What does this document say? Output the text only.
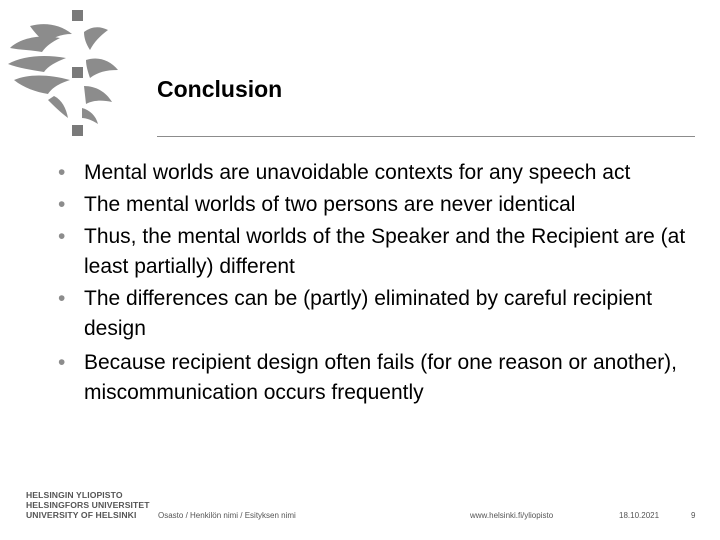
Conclusion
• Mental worlds are unavoidable contexts for any speech act
• The mental worlds of two persons are never identical
• Thus, the mental worlds of the Speaker and the Recipient are (at least partially) different
• The differences can be (partly) eliminated by careful recipient design
• Because recipient design often fails (for one reason or another), miscommunication occurs frequently
HELSINGIN YLIOPISTO
HELSINGFORS UNIVERSITET
UNIVERSITY OF HELSINKI	Osasto / Henkilön nimi / Esityksen nimi	www.helsinki.fi/yliopisto	18.10.2021	9
